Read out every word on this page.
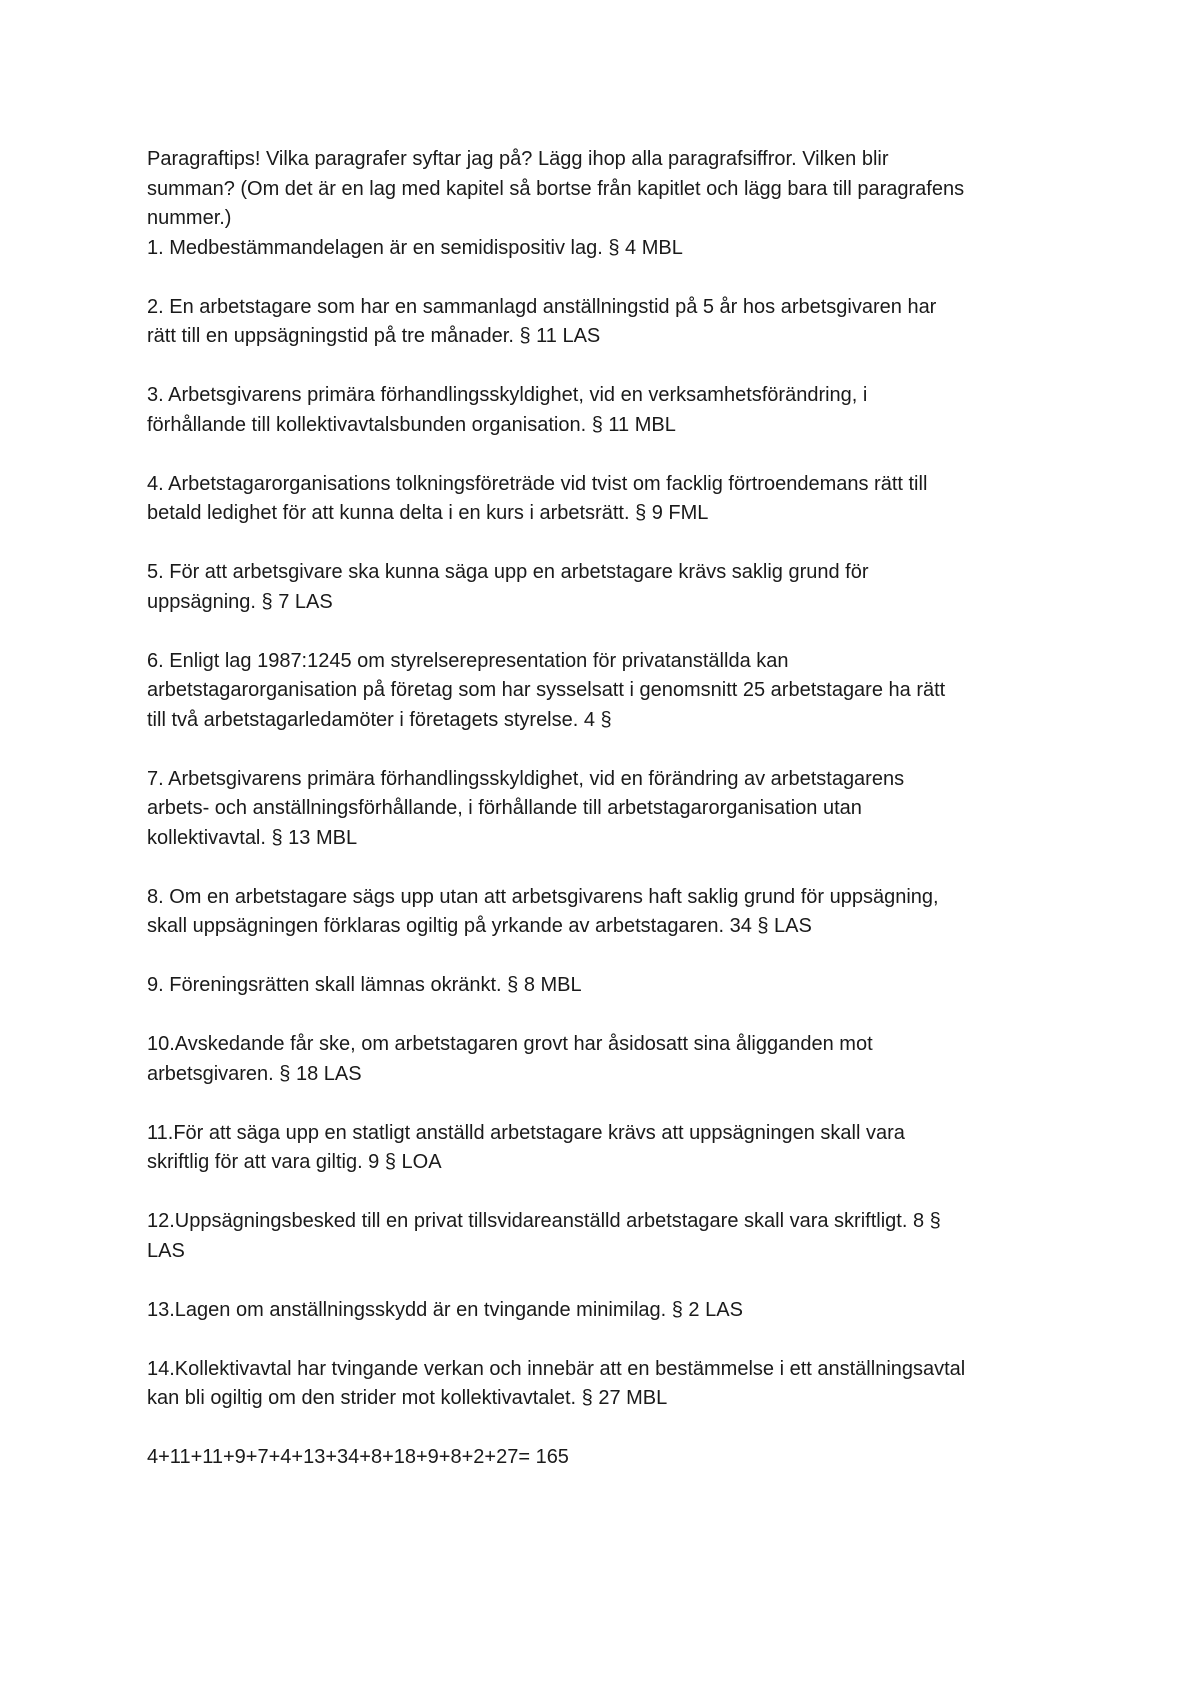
Paragraftips! Vilka paragrafer syftar jag på? Lägg ihop alla paragrafsiffror. Vilken blir
summan? (Om det är en lag med kapitel så bortse från kapitlet och lägg bara till paragrafens
nummer.)

1. Medbestämmandelagen är en semidispositiv lag. § 4 MBL

2. En arbetstagare som har en sammanlagd anställningstid på 5 år hos arbetsgivaren har
rätt till en uppsägningstid på tre månader. § 11 LAS

3. Arbetsgivarens primära förhandlingsskyldighet, vid en verksamhetsförändring, i
förhållande till kollektivavtalsbunden organisation. § 11 MBL

4. Arbetstagarorganisations tolkningsföreträde vid tvist om facklig förtroendemans rätt till
betald ledighet för att kunna delta i en kurs i arbetsrätt. § 9 FML

5. För att arbetsgivare ska kunna säga upp en arbetstagare krävs saklig grund för
uppsägning. § 7 LAS

6. Enligt lag 1987:1245 om styrelserepresentation för privatanställda kan
arbetstagarorganisation på företag som har sysselsatt i genomsnitt 25 arbetstagare ha rätt
till två arbetstagarledamöter i företagets styrelse. 4 §

7. Arbetsgivarens primära förhandlingsskyldighet, vid en förändring av arbetstagarens
arbets- och anställningsförhållande, i förhållande till arbetstagarorganisation utan
kollektivavtal. § 13 MBL

8. Om en arbetstagare sägs upp utan att arbetsgivarens haft saklig grund för uppsägning,
skall uppsägningen förklaras ogiltig på yrkande av arbetstagaren. 34 § LAS

9. Föreningsrätten skall lämnas okränkt. § 8 MBL

10.Avskedande får ske, om arbetstagaren grovt har åsidosatt sina åligganden mot
arbetsgivaren. § 18 LAS

11.För att säga upp en statligt anställd arbetstagare krävs att uppsägningen skall vara
skriftlig för att vara giltig. 9 § LOA

12.Uppsägningsbesked till en privat tillsvidareanställd arbetstagare skall vara skriftligt. 8 §
LAS

13.Lagen om anställningsskydd är en tvingande minimilag. § 2 LAS

14.Kollektivavtal har tvingande verkan och innebär att en bestämmelse i ett anställningsavtal
kan bli ogiltig om den strider mot kollektivavtalet. § 27 MBL

4+11+11+9+7+4+13+34+8+18+9+8+2+27= 165
